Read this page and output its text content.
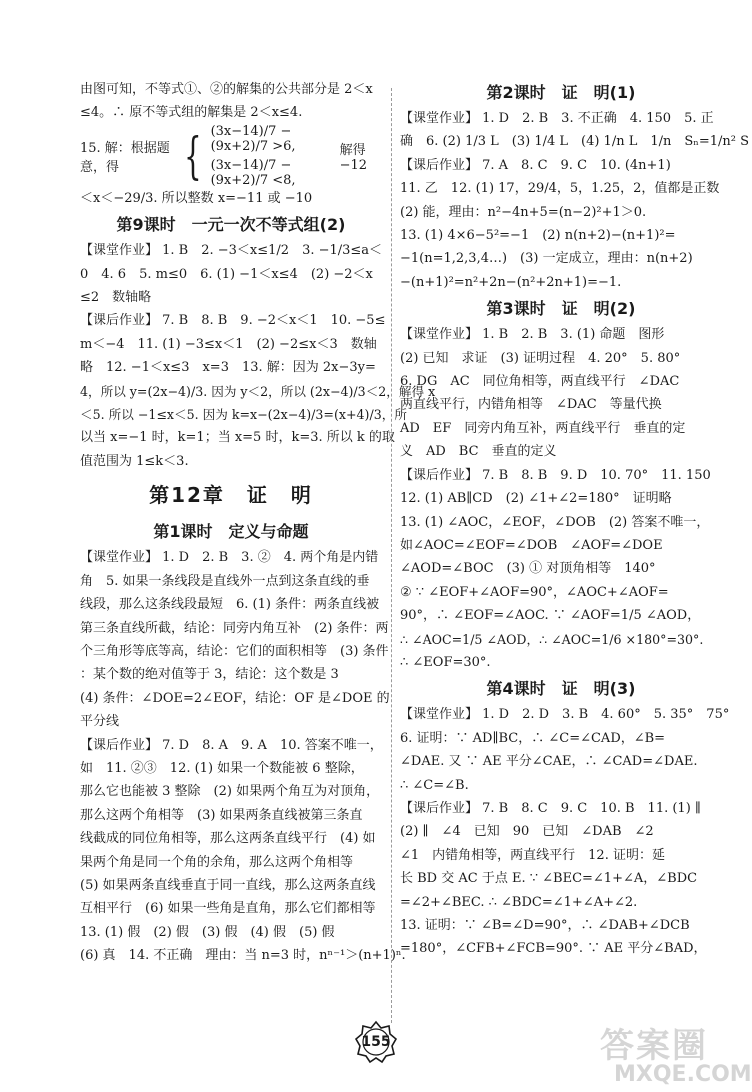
由图可知，不等式①、②的解集的公共部分是 2＜x
≤4。∴ 原不等式组的解集是 2＜x≤4.
15. 解：根据题意，得	{ (3x−14)/7 − (9x+2)/7 >6,
(3x−14)/7 − (9x+2)/7 <8,
解得 −12
＜x＜−29/3. 所以整数 x=−11 或 −10
第9课时　一元一次不等式组(2)
【课堂作业】 1. B　2. −3＜x≤1/2　3. −1/3≤a＜
0　4. 6　5. m≤0　6. (1) −1＜x≤4　(2) −2＜x
≤2　数轴略
【课后作业】 7. B　8. B　9. −2＜x＜1　10. −5≤
m＜−4　11. (1) −3≤x＜1　(2) −2≤x＜3　数轴
略　12. −1＜x≤3　x=3　13. 解：因为 2x−3y=
4，所以 y=(2x−4)/3. 因为 y＜2，所以 (2x−4)/3＜2，解得 x
＜5. 所以 −1≤x＜5. 因为 k=x−(2x−4)/3=(x+4)/3，所
以当 x=−1 时，k=1；当 x=5 时，k=3. 所以 k 的取
值范围为 1≤k＜3.
第12章　证　明
第1课时　定义与命题
【课堂作业】 1. D　2. B　3. ②　4. 两个角是内错
角　5. 如果一条线段是直线外一点到这条直线的垂
线段，那么这条线段最短　6. (1) 条件：两条直线被
第三条直线所截，结论：同旁内角互补　(2) 条件：两
个三角形等底等高，结论：它们的面积相等　(3) 条件
：某个数的绝对值等于 3，结论：这个数是 3
(4) 条件：∠DOE=2∠EOF，结论：OF 是∠DOE 的
平分线
【课后作业】 7. D　8. A　9. A　10. 答案不唯一，
如　11. ②③　12. (1) 如果一个数能被 6 整除，
那么它也能被 3 整除　(2) 如果两个角互为对顶角，
那么这两个角相等　(3) 如果两条直线被第三条直
线截成的同位角相等，那么这两条直线平行　(4) 如
果两个角是同一个角的余角，那么这两个角相等
(5) 如果两条直线垂直于同一直线，那么这两条直线
互相平行　(6) 如果一些角是直角，那么它们都相等
13. (1) 假　(2) 假　(3) 假　(4) 假　(5) 假
(6) 真　14. 不正确　理由：当 n=3 时，nⁿ⁻¹＞(n+1)ⁿ.
第2课时　证　明(1)
【课堂作业】 1. D　2. B　3. 不正确　4. 150　5. 正
确　6. (2) 1/3 L　(3) 1/4 L　(4) 1/n L　1/n　Sₙ=1/n² S
【课后作业】 7. A　8. C　9. C　10. (4n+1)
11. 乙　12. (1) 17，29/4，5，1.25，2，值都是正数
(2) 能，理由：n²−4n+5=(n−2)²+1＞0.
13. (1) 4×6−5²=−1　(2) n(n+2)−(n+1)²=
−1(n=1,2,3,4…)　(3) 一定成立，理由：n(n+2)
−(n+1)²=n²+2n−(n²+2n+1)=−1.
第3课时　证　明(2)
【课堂作业】 1. B　2. B　3. (1) 命题　图形
(2) 已知　求证　(3) 证明过程　4. 20°　5. 80°
6. DG　AC　同位角相等，两直线平行　∠DAC
两直线平行，内错角相等　∠DAC　等量代换
AD　EF　同旁内角互补，两直线平行　垂直的定
义　AD　BC　垂直的定义
【课后作业】 7. B　8. B　9. D　10. 70°　11. 150
12. (1) AB∥CD　(2) ∠1+∠2=180°　证明略
13. (1) ∠AOC，∠EOF，∠DOB　(2) 答案不唯一，
如∠AOC=∠EOF=∠DOB　∠AOF=∠DOE
∠AOD=∠BOC　(3) ① 对顶角相等　140°
② ∵ ∠EOF+∠AOF=90°，∠AOC+∠AOF=
90°，∴ ∠EOF=∠AOC. ∵ ∠AOF=1/5 ∠AOD，
∴ ∠AOC=1/5 ∠AOD，∴ ∠AOC=1/6 ×180°=30°.
∴ ∠EOF=30°.
第4课时　证　明(3)
【课堂作业】 1. D　2. D　3. B　4. 60°　5. 35°　75°
6. 证明：∵ AD∥BC，∴ ∠C=∠CAD，∠B=
∠DAE. 又 ∵ AE 平分∠CAE，∴ ∠CAD=∠DAE.
∴ ∠C=∠B.
【课后作业】 7. B　8. C　9. C　10. B　11. (1) ∥
(2) ∥　∠4　已知　90　已知　∠DAB　∠2
∠1　内错角相等，两直线平行　12. 证明：延
长 BD 交 AC 于点 E. ∵ ∠BEC=∠1+∠A，∠BDC
=∠2+∠BEC. ∴ ∠BDC=∠1+∠A+∠2.
13. 证明：∵ ∠B=∠D=90°，∴ ∠DAB+∠DCB
=180°，∠CFB+∠FCB=90°. ∵ AE 平分∠BAD，
155	答案圈
MXQE.COM
